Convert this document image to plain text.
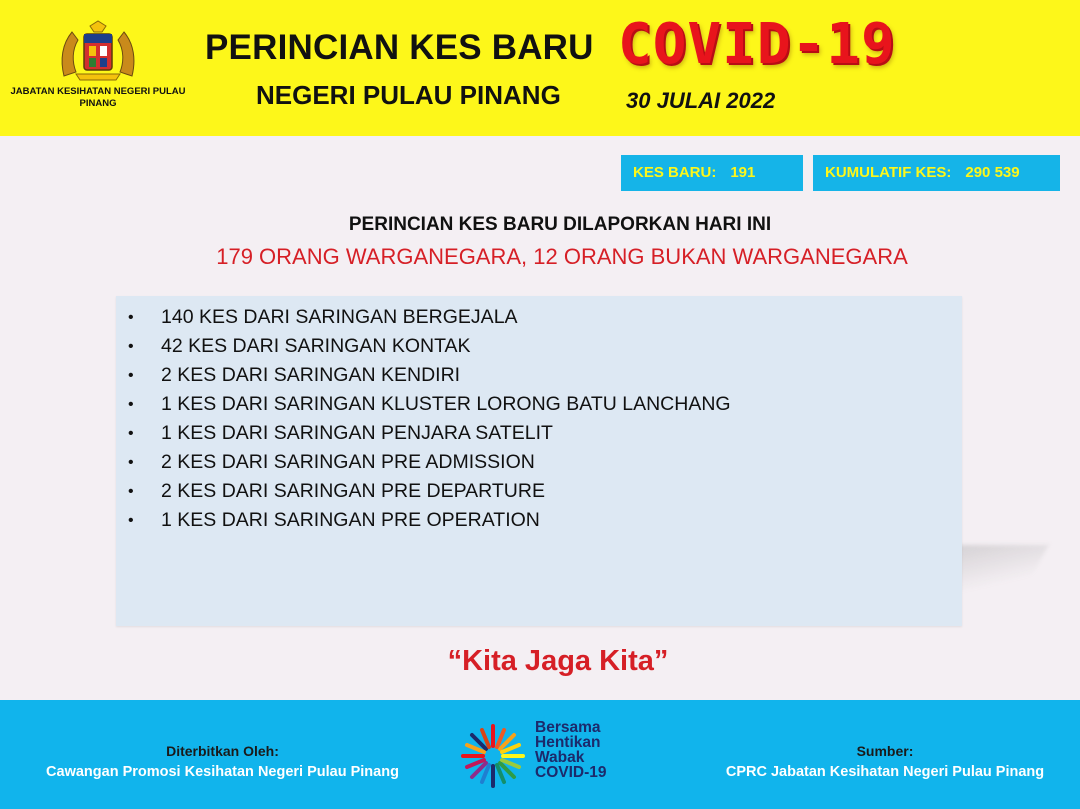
JABATAN KESIHATAN NEGERI PULAU PINANG
PERINCIAN KES BARU COVID-19
NEGERI PULAU PINANG	30 JULAI 2022
KES BARU: 191	KUMULATIF KES: 290 539
PERINCIAN KES BARU DILAPORKAN HARI INI
179 ORANG WARGANEGARA, 12 ORANG BUKAN WARGANEGARA
• 140 KES DARI SARINGAN BERGEJALA
• 42 KES DARI SARINGAN KONTAK
• 2 KES DARI SARINGAN KENDIRI
• 1 KES DARI SARINGAN KLUSTER LORONG BATU LANCHANG
• 1 KES DARI SARINGAN PENJARA SATELIT
• 2 KES DARI SARINGAN PRE ADMISSION
• 2 KES DARI SARINGAN PRE DEPARTURE
• 1 KES DARI SARINGAN PRE OPERATION
“Kita Jaga Kita”
Diterbitkan Oleh:
Cawangan Promosi Kesihatan Negeri Pulau Pinang
Bersama
Hentikan
Wabak
COVID-19
Sumber:
CPRC Jabatan Kesihatan Negeri Pulau Pinang
